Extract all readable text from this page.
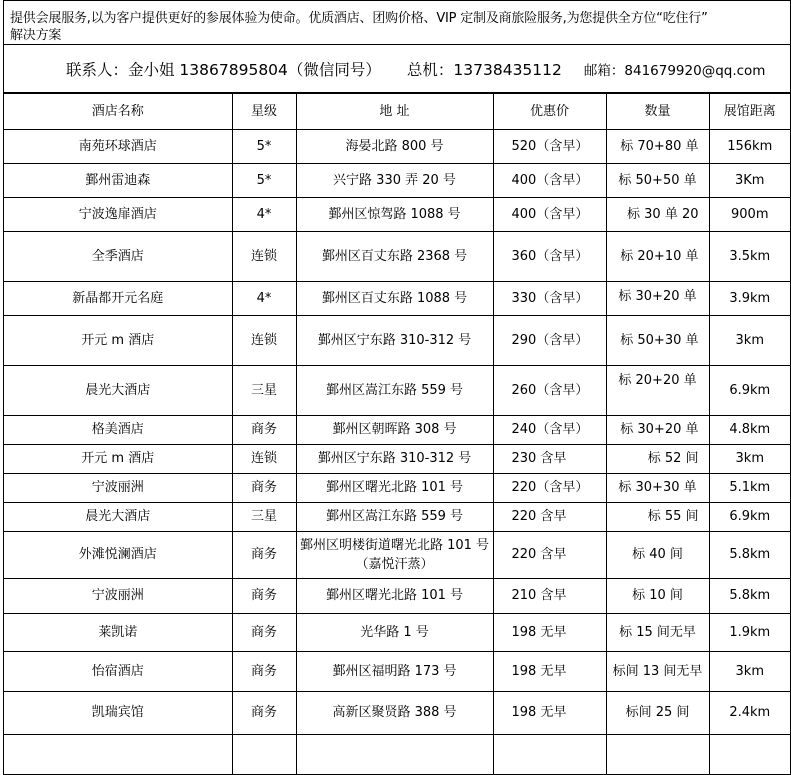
提供会展服务,以为客户提供更好的参展体验为使命。优质酒店、团购价格、VIP 定制及商旅险服务,为您提供全方位“吃住行”
解决方案
联系人：金小姐 13867895804（微信同号） 总机：13738435112 邮箱：841679920@qq.com
酒店名称	星级	地 址	优惠价	数量	展馆距离
南苑环球酒店	5*	海晏北路 800 号	520（含早）	标 70+80 单	156km
鄞州雷迪森	5*	兴宁路 330 弄 20 号	400（含早）	标 50+50 单	3Km
宁波逸扉酒店	4*	鄞州区惊驾路 1088 号	400（含早）	标 30 单 20	900m
全季酒店	连锁	鄞州区百丈东路 2368 号	360（含早）	标 20+10 单	3.5km
新晶都开元名庭	4*	鄞州区百丈东路 1088 号	330（含早）	标 30+20 单	3.9km
开元 m 酒店	连锁	鄞州区宁东路 310-312 号	290（含早）	标 50+30 单	3km
晨光大酒店	三星	鄞州区嵩江东路 559 号	260（含早）	标 20+20 单	6.9km
格美酒店	商务	鄞州区朝晖路 308 号	240（含早）	标 30+20 单	4.8km
开元 m 酒店	连锁	鄞州区宁东路 310-312 号	230 含早	标 52 间	3km
宁波丽洲	商务	鄞州区曙光北路 101 号	220（含早）	标 30+30 单	5.1km
晨光大酒店	三星	鄞州区嵩江东路 559 号	220 含早	标 55 间	6.9km
外滩悦澜酒店	商务	鄞州区明楼街道曙光北路 101 号（嘉悦汗蒸）	220 含早	标 40 间	5.8km
宁波丽洲	商务	鄞州区曙光北路 101 号	210 含早	标 10 间	5.8km
莱凯诺	商务	光华路 1 号	198 无早	标 15 间无早	1.9km
怡宿酒店	商务	鄞州区福明路 173 号	198 无早	标间 13 间无早	3km
凯瑞宾馆	商务	高新区聚贤路 388 号	198 无早	标间 25 间	2.4km
